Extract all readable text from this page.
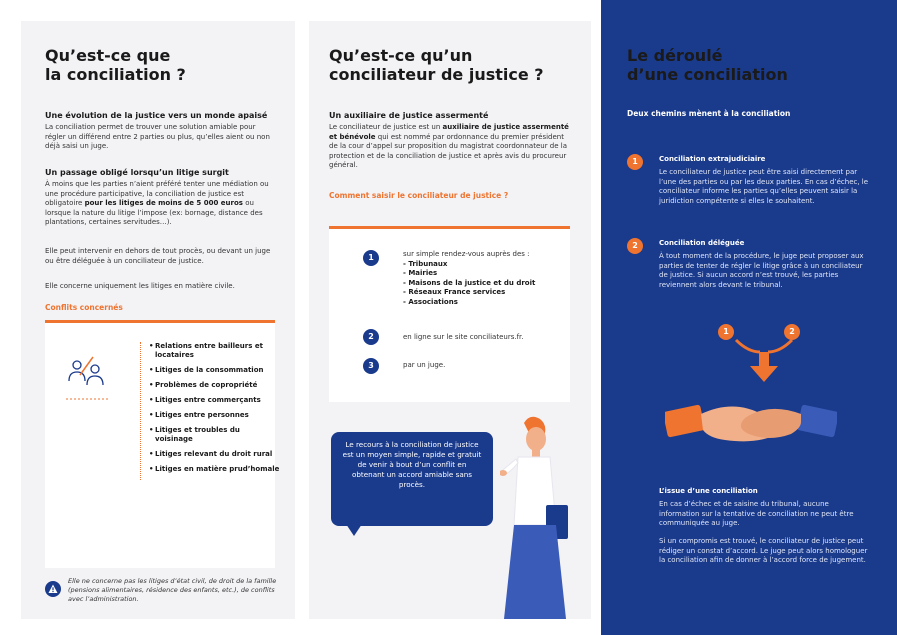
Qu’est-ce que
la conciliation ?
Une évolution de la justice vers un monde apaisé
La conciliation permet de trouver une solution amiable pour régler un différend entre 2 parties ou plus, qu’elles aient ou non déjà saisi un juge.
Un passage obligé lorsqu’un litige surgit
À moins que les parties n’aient préféré tenter une médiation ou une procédure participative, la conciliation de justice est obligatoire pour les litiges de moins de 5 000 euros ou lorsque la nature du litige l’impose (ex: bornage, distance des plantations, certaines servitudes…).
Elle peut intervenir en dehors de tout procès, ou devant un juge ou être déléguée à un conciliateur de justice.
Elle concerne uniquement les litiges en matière civile.
Conflits concernés
• Relations entre bailleurs et locataires
• Litiges de la consommation
• Problèmes de copropriété
• Litiges entre commerçants
• Litiges entre personnes
• Litiges et troubles du voisinage
• Litiges relevant du droit rural
• Litiges en matière prud’homale
Elle ne concerne pas les litiges d’état civil, de droit de la famille (pensions alimentaires, résidence des enfants, etc.), de conflits avec l’administration.
Qu’est-ce qu’un
conciliateur de justice ?
Un auxiliaire de justice assermenté
Le conciliateur de justice est un auxiliaire de justice assermenté et bénévole qui est nommé par ordonnance du premier président de la cour d’appel sur proposition du magistrat coordonnateur de la protection et de la conciliation de justice et après avis du procureur général.
Comment saisir le conciliateur de justice ?
1	sur simple rendez-vous auprès des :
- Tribunaux
- Mairies
- Maisons de la justice et du droit
- Réseaux France services
- Associations
2	en ligne sur le site conciliateurs.fr.
3	par un juge.
Le recours à la conciliation de justice est un moyen simple, rapide et gratuit de venir à bout d’un conflit en obtenant un accord amiable sans procès.
Le déroulé
d’une conciliation
Deux chemins mènent à la conciliation
1	Conciliation extrajudiciaire
Le conciliateur de justice peut être saisi directement par l’une des parties ou par les deux parties. En cas d’échec, le conciliateur informe les parties qu’elles peuvent saisir la juridiction compétente si elles le souhaitent.
2	Conciliation déléguée
À tout moment de la procédure, le juge peut proposer aux parties de tenter de régler le litige grâce à un conciliateur de justice. Si aucun accord n’est trouvé, les parties reviennent alors devant le tribunal.
1	2
L’issue d’une conciliation
En cas d’échec et de saisine du tribunal, aucune information sur la tentative de conciliation ne peut être communiquée au juge.
Si un compromis est trouvé, le conciliateur de justice peut rédiger un constat d’accord. Le juge peut alors homologuer la conciliation afin de donner à l’accord force de jugement.
